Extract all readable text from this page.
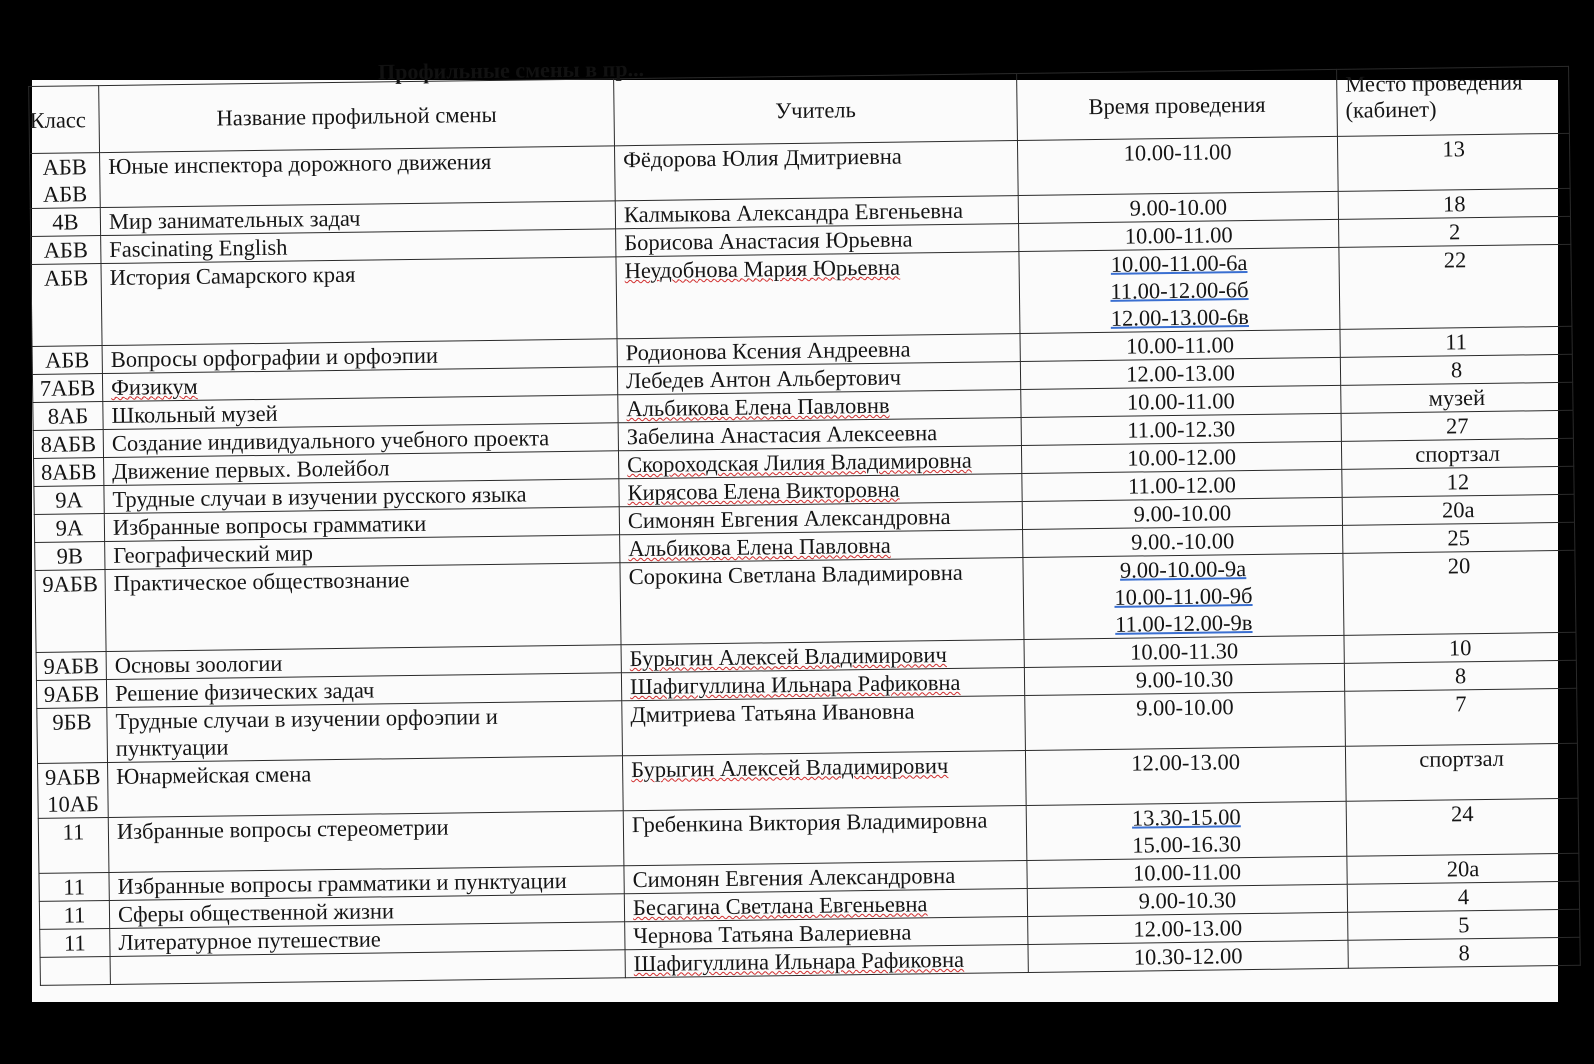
Профильные смены в пр...
Класс	Название профильной смены	Учитель	Время проведения	Место проведения
(кабинет)

АБВ
АБВ	Юные инспектора дорожного движения	Фёдорова Юлия Дмитриевна	10.00-11.00	13

4В	Мир занимательных задач	Калмыкова Александра Евгеньевна	9.00-10.00	18

АБВ	Fascinating English	Борисова Анастасия Юрьевна	10.00-11.00	2

АБВ	История Самарского края	Неудобнова Мария Юрьевна	10.00-11.00-6а
11.00-12.00-6б
12.00-13.00-6в	22

АБВ	Вопросы орфографии и орфоэпии	Родионова Ксения Андреевна	10.00-11.00	11

7АБВ	Физикум	Лебедев Антон Альбертович	12.00-13.00	8

8АБ	Школьный музей	Альбикова Елена Павловнв	10.00-11.00	музей

8АБВ	Создание индивидуального учебного проекта	Забелина Анастасия Алексеевна	11.00-12.30	27

8АБВ	Движение первых. Волейбол	Скороходская Лилия Владимировна	10.00-12.00	спортзал

9А	Трудные случаи в изучении русского языка	Кирясова Елена Викторовна	11.00-12.00	12

9А	Избранные вопросы грамматики	Симонян Евгения Александровна	9.00-10.00	20а

9В	Географический мир	Альбикова Елена Павловна	9.00.-10.00	25

9АБВ	Практическое обществознание	Сорокина Светлана Владимировна	9.00-10.00-9а
10.00-11.00-9б
11.00-12.00-9в	20

9АБВ	Основы зоологии	Бурыгин Алексей Владимирович	10.00-11.30	10

9АБВ	Решение физических задач	Шафигуллина Ильнара Рафиковна	9.00-10.30	8

9БВ	Трудные случаи в изучении орфоэпии и пунктуации	Дмитриева Татьяна Ивановна	9.00-10.00	7

9АБВ
10АБ	Юнармейская смена	Бурыгин Алексей Владимирович	12.00-13.00	спортзал

11	Избранные вопросы стереометрии	Гребенкина Виктория Владимировна	13.30-15.00
15.00-16.30	24

11	Избранные вопросы грамматики и пунктуации	Симонян Евгения Александровна	10.00-11.00	20а

11	Сферы общественной жизни	Бесагина Светлана Евгеньевна	9.00-10.30	4

11	Литературное путешествие	Чернова Татьяна Валериевна	12.00-13.00	5

		Шафигуллина Ильнара Рафиковна	10.30-12.00	8
